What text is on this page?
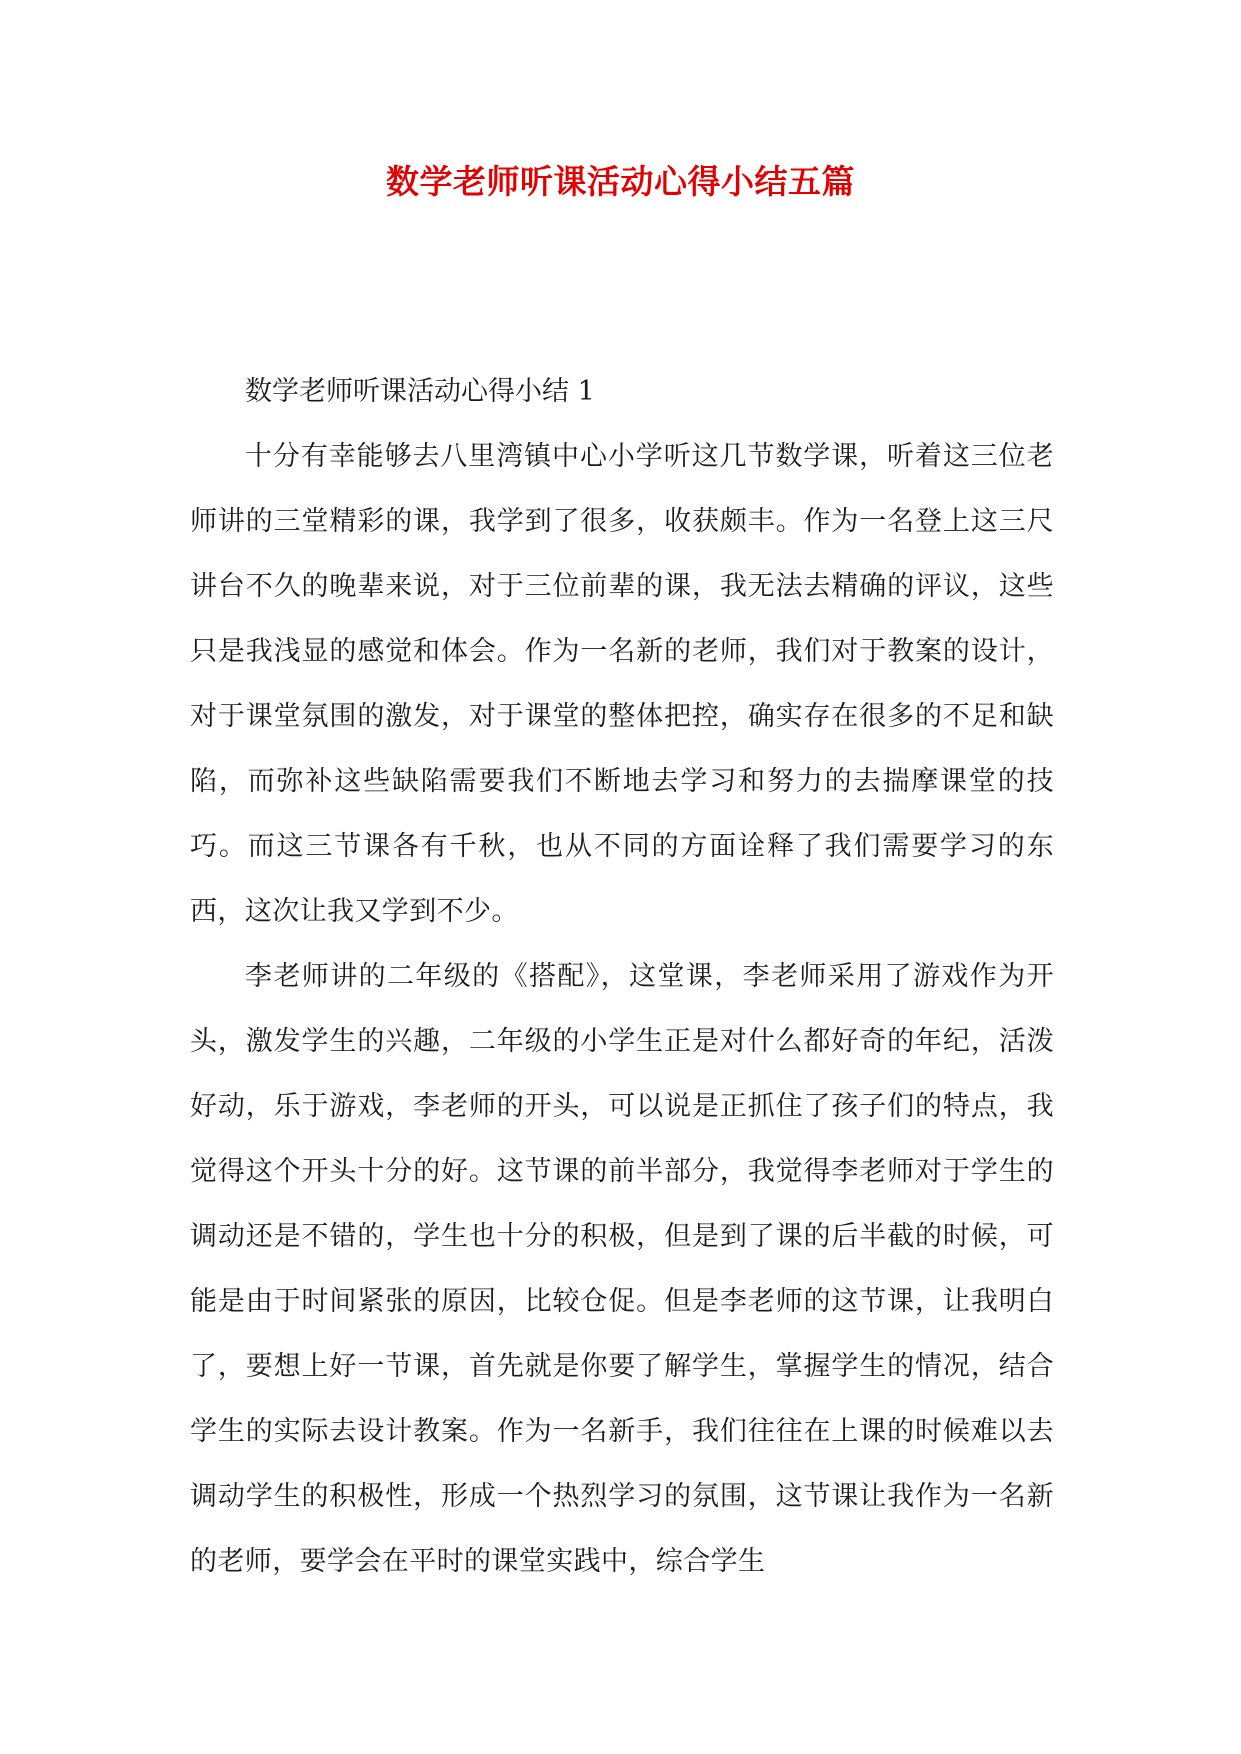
数学老师听课活动心得小结五篇
数学老师听课活动心得小结 1

十分有幸能够去八里湾镇中心小学听这几节数学课，听着这三位老师讲的三堂精彩的课，我学到了很多，收获颇丰。作为一名登上这三尺讲台不久的晚辈来说，对于三位前辈的课，我无法去精确的评议，这些只是我浅显的感觉和体会。作为一名新的老师，我们对于教案的设计，对于课堂氛围的激发，对于课堂的整体把控，确实存在很多的不足和缺陷，而弥补这些缺陷需要我们不断地去学习和努力的去揣摩课堂的技巧。而这三节课各有千秋，也从不同的方面诠释了我们需要学习的东西，这次让我又学到不少。

李老师讲的二年级的《搭配》，这堂课，李老师采用了游戏作为开头，激发学生的兴趣，二年级的小学生正是对什么都好奇的年纪，活泼好动，乐于游戏，李老师的开头，可以说是正抓住了孩子们的特点，我觉得这个开头十分的好。这节课的前半部分，我觉得李老师对于学生的调动还是不错的，学生也十分的积极，但是到了课的后半截的时候，可能是由于时间紧张的原因，比较仓促。但是李老师的这节课，让我明白了，要想上好一节课，首先就是你要了解学生，掌握学生的情况，结合学生的实际去设计教案。作为一名新手，我们往往在上课的时候难以去调动学生的积极性，形成一个热烈学习的氛围，这节课让我作为一名新的老师，要学会在平时的课堂实践中，综合学生
